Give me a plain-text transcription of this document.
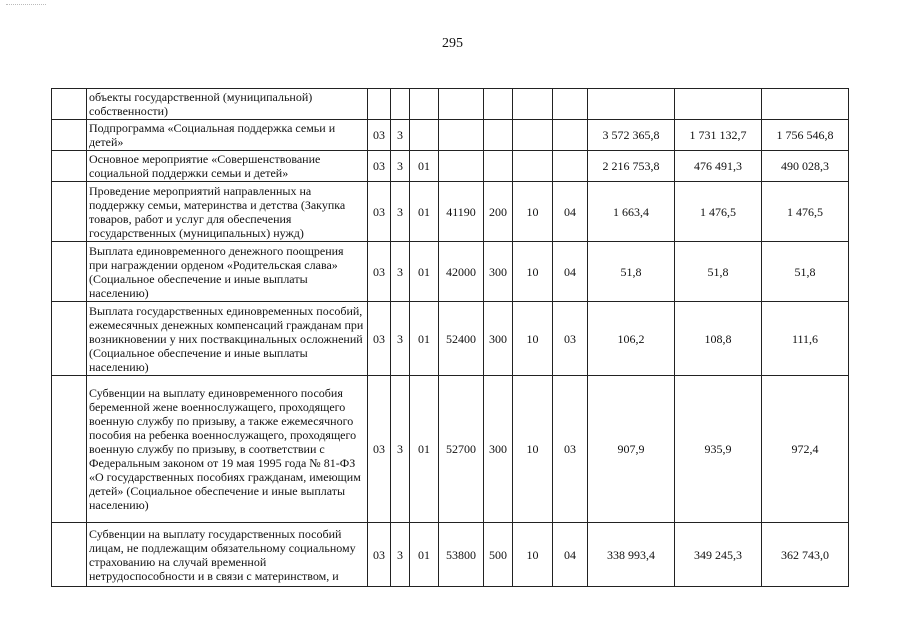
295
	объекты государственной (муниципальной) собственности)										
	Подпрограмма «Социальная поддержка семьи и детей»	03	3						3 572 365,8	1 731 132,7	1 756 546,8
	Основное мероприятие «Совершенствование социальной поддержки семьи и детей»	03	3	01					2 216 753,8	476 491,3	490 028,3
	Проведение мероприятий направленных на поддержку семьи, материнства и детства (Закупка товаров, работ и услуг для обеспечения государственных (муниципальных) нужд)	03	3	01	41190	200	10	04	1 663,4	1 476,5	1 476,5
	Выплата единовременного денежного поощрения при награждении орденом «Родительская слава» (Социальное обеспечение и иные выплаты населению)	03	3	01	42000	300	10	04	51,8	51,8	51,8
	Выплата государственных единовременных пособий, ежемесячных денежных компенсаций гражданам при возникновении у них поствакцинальных осложнений (Социальное обеспечение и иные выплаты населению)	03	3	01	52400	300	10	03	106,2	108,8	111,6
	Субвенции на выплату единовременного пособия беременной жене военнослужащего, проходящего военную службу по призыву, а также ежемесячного пособия на ребенка военнослужащего, проходящего военную службу по призыву, в соответствии с Федеральным законом от 19 мая 1995 года № 81-ФЗ «О государственных пособиях гражданам, имеющим детей» (Социальное обеспечение и иные выплаты населению)	03	3	01	52700	300	10	03	907,9	935,9	972,4
	Субвенции на выплату государственных пособий лицам, не подлежащим обязательному социальному страхованию на случай временной нетрудоспособности и в связи с материнством, и	03	3	01	53800	500	10	04	338 993,4	349 245,3	362 743,0
